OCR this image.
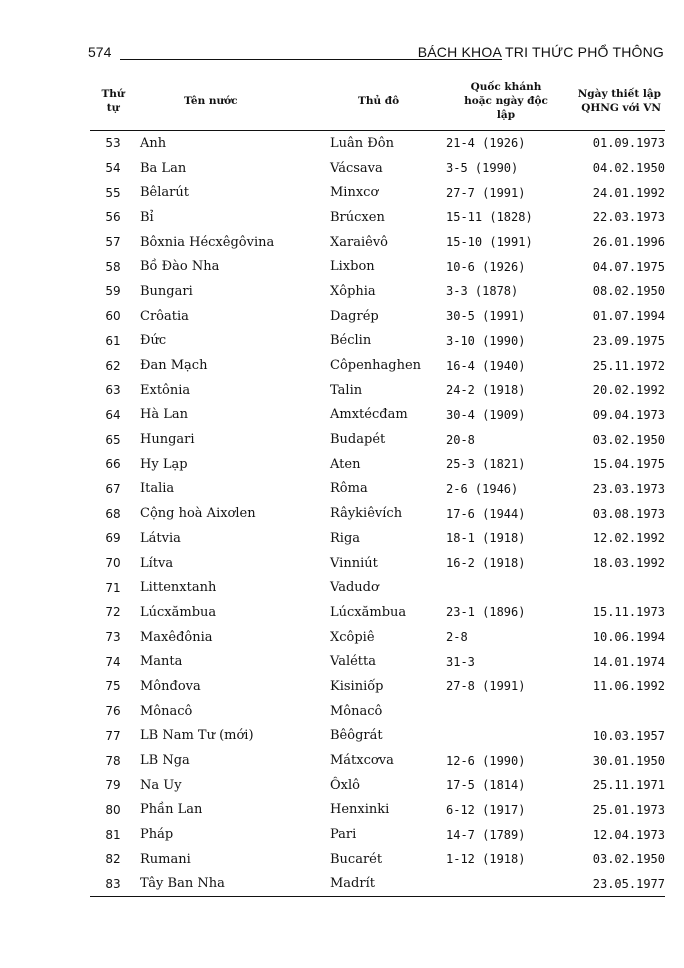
574	BÁCH KHOA TRI THỨC PHỔ THÔNG
Thứ tự	Tên nước	Thủ đô	Quốc khánh hoặc ngày độc lập	Ngày thiết lập QHNG với VN
53	Anh	Luân Đôn	21-4 (1926)	01.09.1973
54	Ba Lan	Vácsava	3-5 (1990)	04.02.1950
55	Bêlarút	Minxcơ	27-7 (1991)	24.01.1992
56	Bỉ	Brúcxen	15-11 (1828)	22.03.1973
57	Bôxnia Hécxêgôvina	Xaraiêvô	15-10 (1991)	26.01.1996
58	Bồ Đào Nha	Lixbon	10-6 (1926)	04.07.1975
59	Bungari	Xôphia	3-3 (1878)	08.02.1950
60	Crôatia	Dagrép	30-5 (1991)	01.07.1994
61	Đức	Béclin	3-10 (1990)	23.09.1975
62	Đan Mạch	Côpenhaghen	16-4 (1940)	25.11.1972
63	Extônia	Talin	24-2 (1918)	20.02.1992
64	Hà Lan	Amxtécđam	30-4 (1909)	09.04.1973
65	Hungari	Budapét	20-8	03.02.1950
66	Hy Lạp	Aten	25-3 (1821)	15.04.1975
67	Italia	Rôma	2-6 (1946)	23.03.1973
68	Cộng hoà Aixơlen	Râykiêvích	17-6 (1944)	03.08.1973
69	Látvia	Riga	18-1 (1918)	12.02.1992
70	Lítva	Vinniút	16-2 (1918)	18.03.1992
71	Littenxtanh	Vadudơ		
72	Lúcxămbua	Lúcxămbua	23-1 (1896)	15.11.1973
73	Maxêđônia	Xcôpiê	2-8	10.06.1994
74	Manta	Valétta	31-3	14.01.1974
75	Mônđova	Kisiniốp	27-8 (1991)	11.06.1992
76	Mônacô	Mônacô		
77	LB Nam Tư (mới)	Bêôgrát		10.03.1957
78	LB Nga	Mátxcơva	12-6 (1990)	30.01.1950
79	Na Uy	Ôxlô	17-5 (1814)	25.11.1971
80	Phần Lan	Henxinki	6-12 (1917)	25.01.1973
81	Pháp	Pari	14-7 (1789)	12.04.1973
82	Rumani	Bucarét	1-12 (1918)	03.02.1950
83	Tây Ban Nha	Madrít		23.05.1977
